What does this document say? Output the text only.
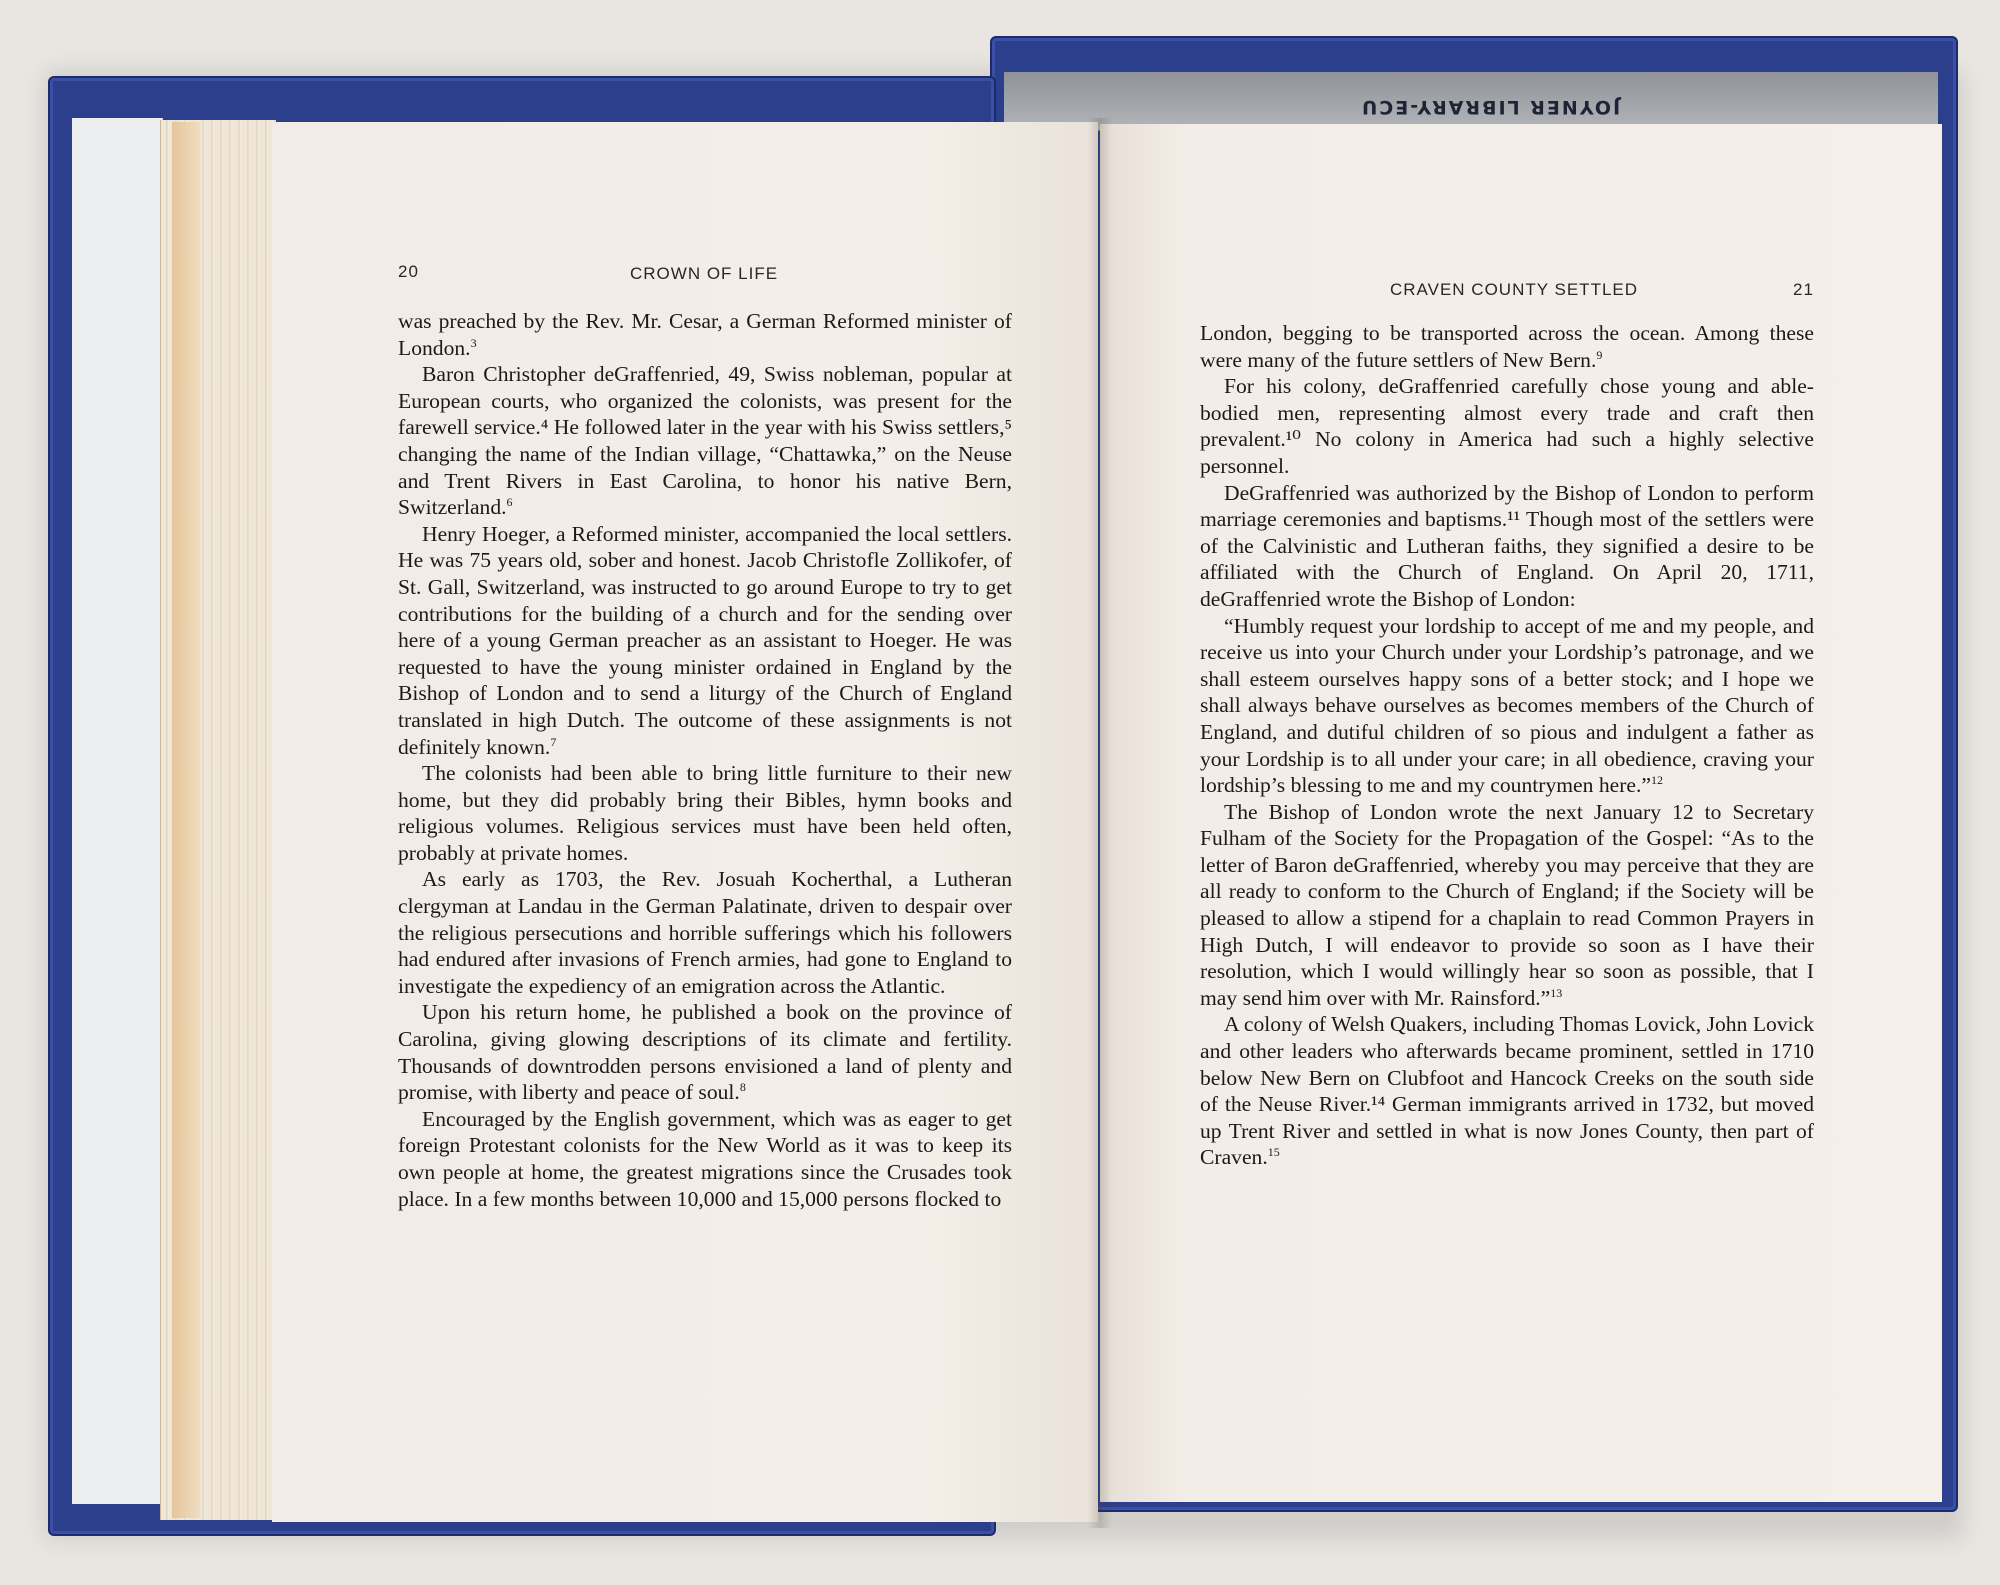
JOYNER LIBRARY-ECU
20	CROWN OF LIFE
CRAVEN COUNTY SETTLED	21

was preached by the Rev. Mr. Cesar, a German Reformed minister of London.$^3$

Baron Christopher deGraffenried, 49, Swiss nobleman, popular at European courts, who organized the colonists, was present for the farewell service.⁴ He followed later in the year with his Swiss settlers,⁵ changing the name of the Indian village, “Chattawka,” on the Neuse and Trent Rivers in East Carolina, to honor his native Bern, Switzerland.$^6$

Henry Hoeger, a Reformed minister, accompanied the local settlers. He was 75 years old, sober and honest. Jacob Christofle Zollikofer, of St. Gall, Switzerland, was instructed to go around Europe to try to get contributions for the building of a church and for the sending over here of a young German preacher as an assistant to Hoeger. He was requested to have the young minister ordained in England by the Bishop of London and to send a liturgy of the Church of England translated in high Dutch. The outcome of these assignments is not definitely known.$^7$

The colonists had been able to bring little furniture to their new home, but they did probably bring their Bibles, hymn books and religious volumes. Religious services must have been held often, probably at private homes.

As early as 1703, the Rev. Josuah Kocherthal, a Lutheran clergyman at Landau in the German Palatinate, driven to despair over the religious persecutions and horrible sufferings which his followers had endured after invasions of French armies, had gone to England to investigate the expediency of an emigration across the Atlantic.

Upon his return home, he published a book on the province of Carolina, giving glowing descriptions of its climate and fertility. Thousands of downtrodden persons envisioned a land of plenty and promise, with liberty and peace of soul.$^8$

Encouraged by the English government, which was as eager to get foreign Protestant colonists for the New World as it was to keep its own people at home, the greatest migrations since the Crusades took place. In a few months between 10,000 and 15,000 persons flocked to

London, begging to be transported across the ocean. Among these were many of the future settlers of New Bern.$^9$

For his colony, deGraffenried carefully chose young and able-bodied men, representing almost every trade and craft then prevalent.¹⁰ No colony in America had such a highly selective personnel.

DeGraffenried was authorized by the Bishop of London to perform marriage ceremonies and baptisms.¹¹ Though most of the settlers were of the Calvinistic and Lutheran faiths, they signified a desire to be affiliated with the Church of England. On April 20, 1711, deGraffenried wrote the Bishop of London:

“Humbly request your lordship to accept of me and my people, and receive us into your Church under your Lordship’s patronage, and we shall esteem ourselves happy sons of a better stock; and I hope we shall always behave ourselves as becomes members of the Church of England, and dutiful children of so pious and indulgent a father as your Lordship is to all under your care; in all obedience, craving your lordship’s blessing to me and my countrymen here.”$^{12}$

The Bishop of London wrote the next January 12 to Secretary Fulham of the Society for the Propagation of the Gospel: “As to the letter of Baron deGraffenried, whereby you may perceive that they are all ready to conform to the Church of England; if the Society will be pleased to allow a stipend for a chaplain to read Common Prayers in High Dutch, I will endeavor to provide so soon as I have their resolution, which I would willingly hear so soon as possible, that I may send him over with Mr. Rainsford.”$^{13}$

A colony of Welsh Quakers, including Thomas Lovick, John Lovick and other leaders who afterwards became prominent, settled in 1710 below New Bern on Clubfoot and Hancock Creeks on the south side of the Neuse River.¹⁴ German immigrants arrived in 1732, but moved up Trent River and settled in what is now Jones County, then part of Craven.$^{15}$
